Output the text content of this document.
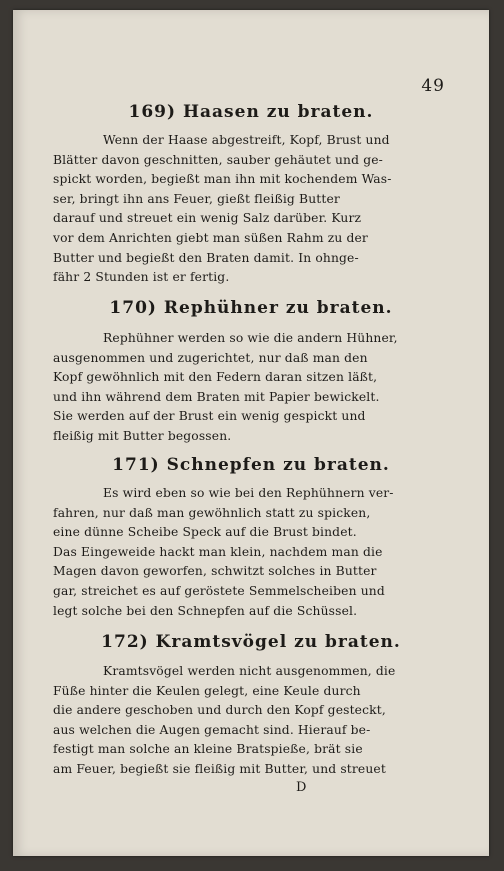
49
169) Haasen zu braten.
Wenn der Haase abgestreift, Kopf, Brust und
Blätter davon geschnitten, sauber gehäutet und ge-
spickt worden, begießt man ihn mit kochendem Was-
ser, bringt ihn ans Feuer, gießt fleißig Butter
darauf und streuet ein wenig Salz darüber. Kurz
vor dem Anrichten giebt man süßen Rahm zu der
Butter und begießt den Braten damit. In ohnge-
fähr 2 Stunden ist er fertig.
170) Rephühner zu braten.
Rephühner werden so wie die andern Hühner,
ausgenommen und zugerichtet, nur daß man den
Kopf gewöhnlich mit den Federn daran sitzen läßt,
und ihn während dem Braten mit Papier bewickelt.
Sie werden auf der Brust ein wenig gespickt und
fleißig mit Butter begossen.
171) Schnepfen zu braten.
Es wird eben so wie bei den Rephühnern ver-
fahren, nur daß man gewöhnlich statt zu spicken,
eine dünne Scheibe Speck auf die Brust bindet.
Das Eingeweide hackt man klein, nachdem man die
Magen davon geworfen, schwitzt solches in Butter
gar, streichet es auf geröstete Semmelscheiben und
legt solche bei den Schnepfen auf die Schüssel.
172) Kramtsvögel zu braten.
Kramtsvögel werden nicht ausgenommen, die
Füße hinter die Keulen gelegt, eine Keule durch
die andere geschoben und durch den Kopf gesteckt,
aus welchen die Augen gemacht sind. Hierauf be-
festigt man solche an kleine Bratspieße, brät sie
am Feuer, begießt sie fleißig mit Butter, und streuet
D
